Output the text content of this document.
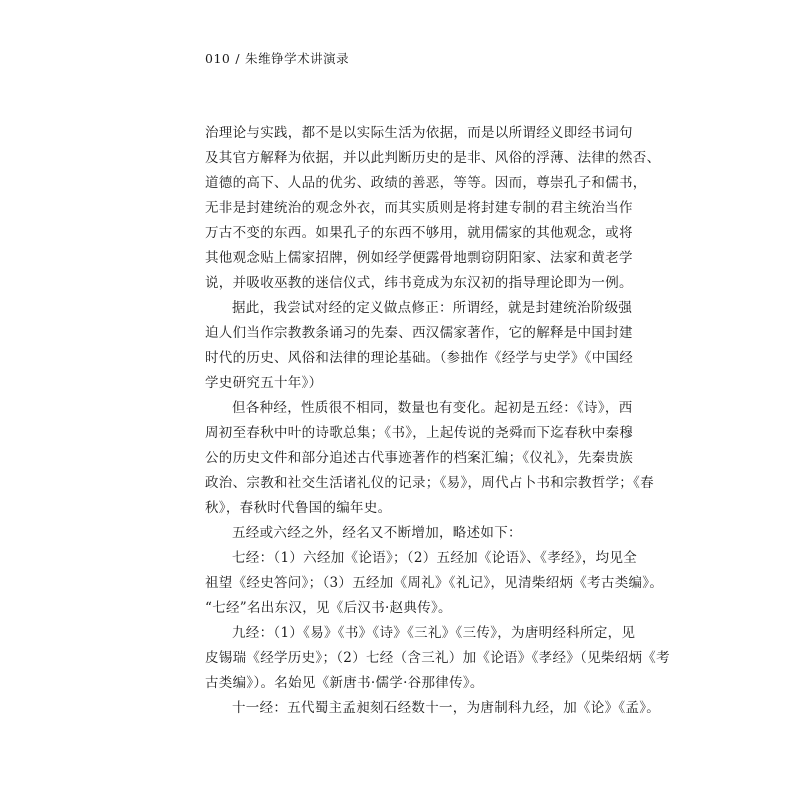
010 / 朱维铮学术讲演录
治理论与实践，都不是以实际生活为依据，而是以所谓经义即经书词句
及其官方解释为依据，并以此判断历史的是非、风俗的浮薄、法律的然否、
道德的高下、人品的优劣、政绩的善恶，等等。因而，尊崇孔子和儒书，
无非是封建统治的观念外衣，而其实质则是将封建专制的君主统治当作
万古不变的东西。如果孔子的东西不够用，就用儒家的其他观念，或将
其他观念贴上儒家招牌，例如经学便露骨地剽窃阴阳家、法家和黄老学
说，并吸收巫教的迷信仪式，纬书竟成为东汉初的指导理论即为一例。
据此，我尝试对经的定义做点修正：所谓经，就是封建统治阶级强
迫人们当作宗教教条诵习的先秦、西汉儒家著作，它的解释是中国封建
时代的历史、风俗和法律的理论基础。（参拙作《经学与史学》《中国经
学史研究五十年》）
但各种经，性质很不相同，数量也有变化。起初是五经：《诗》，西
周初至春秋中叶的诗歌总集；《书》，上起传说的尧舜而下迄春秋中秦穆
公的历史文件和部分追述古代事迹著作的档案汇编；《仪礼》，先秦贵族
政治、宗教和社交生活诸礼仪的记录；《易》，周代占卜书和宗教哲学；《春
秋》，春秋时代鲁国的编年史。
五经或六经之外，经名又不断增加，略述如下：
七经：（1）六经加《论语》；（2）五经加《论语》、《孝经》，均见全
祖望《经史答问》；（3）五经加《周礼》《礼记》，见清柴绍炳《考古类编》。
“七经”名出东汉，见《后汉书·赵典传》。
九经：（1）《易》《书》《诗》《三礼》《三传》，为唐明经科所定，见
皮锡瑞《经学历史》；（2）七经（含三礼）加《论语》《孝经》（见柴绍炳《考
古类编》）。名始见《新唐书·儒学·谷那律传》。
十一经：五代蜀主孟昶刻石经数十一，为唐制科九经，加《论》《孟》。
